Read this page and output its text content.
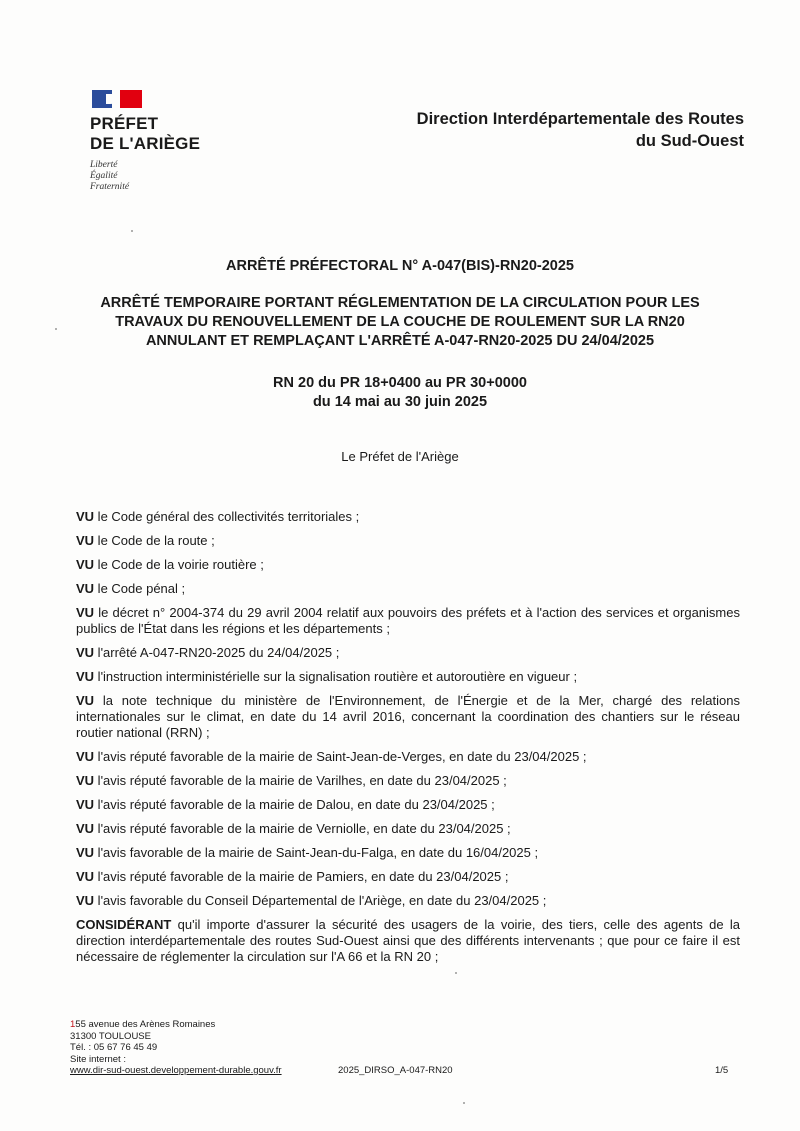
PRÉFET
DE L'ARIÈGE
Liberté
Égalité
Fraternité
Direction Interdépartementale des Routes
du Sud-Ouest
ARRÊTÉ PRÉFECTORAL N° A-047(BIS)-RN20-2025
ARRÊTÉ TEMPORAIRE PORTANT RÉGLEMENTATION DE LA CIRCULATION POUR LES
TRAVAUX DU RENOUVELLEMENT DE LA COUCHE DE ROULEMENT SUR LA RN20
ANNULANT ET REMPLAÇANT L'ARRÊTÉ A-047-RN20-2025 DU 24/04/2025
RN 20 du PR 18+0400 au PR 30+0000
du 14 mai au 30 juin 2025
Le Préfet de l'Ariège

VU le Code général des collectivités territoriales ;

VU le Code de la route ;

VU le Code de la voirie routière ;

VU le Code pénal ;

VU le décret n° 2004-374 du 29 avril 2004 relatif aux pouvoirs des préfets et à l'action des services et organismes publics de l'État dans les régions et les départements ;

VU l'arrêté A-047-RN20-2025 du 24/04/2025 ;

VU l'instruction interministérielle sur la signalisation routière et autoroutière en vigueur ;

VU la note technique du ministère de l'Environnement, de l'Énergie et de la Mer, chargé des relations internationales sur le climat, en date du 14 avril 2016, concernant la coordination des chantiers sur le réseau routier national (RRN) ;

VU l'avis réputé favorable de la mairie de Saint-Jean-de-Verges, en date du 23/04/2025 ;

VU l'avis réputé favorable de la mairie de Varilhes, en date du 23/04/2025 ;

VU l'avis réputé favorable de la mairie de Dalou, en date du 23/04/2025 ;

VU l'avis réputé favorable de la mairie de Verniolle, en date du 23/04/2025 ;

VU l'avis favorable de la mairie de Saint-Jean-du-Falga, en date du 16/04/2025 ;

VU l'avis réputé favorable de la mairie de Pamiers, en date du 23/04/2025 ;

VU l'avis favorable du Conseil Départemental de l'Ariège, en date du 23/04/2025 ;

CONSIDÉRANT qu'il importe d'assurer la sécurité des usagers de la voirie, des tiers, celle des agents de la direction interdépartementale des routes Sud-Ouest ainsi que des différents intervenants ; que pour ce faire il est nécessaire de réglementer la circulation sur l'A 66 et la RN 20 ;

155 avenue des Arènes Romaines
31300 TOULOUSE
Tél. : 05 67 76 45 49
Site internet :
www.dir-sud-ouest.developpement-durable.gouv.fr	2025_DIRSO_A-047-RN20	1/5
